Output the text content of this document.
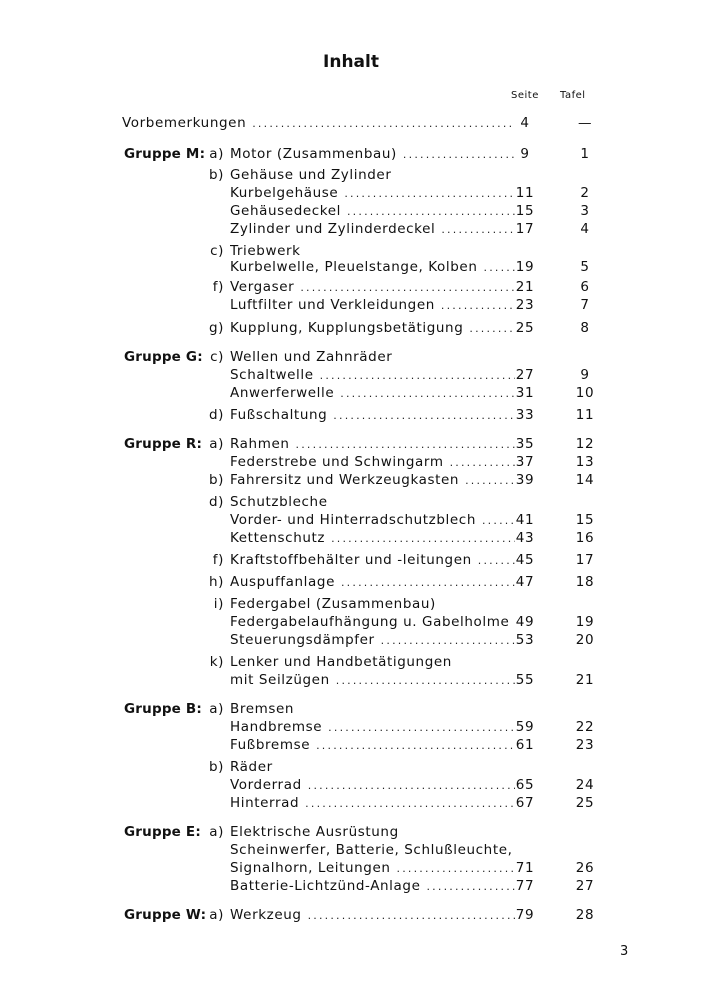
Inhalt
Seite Tafel
Vorbemerkungen .....	4	—
Gruppe M: a) Motor (Zusammenbau) .....	9	1
b) Gehäuse und Zylinder
Kurbelgehäuse .....	11	2
Gehäusedeckel .....	15	3
Zylinder und Zylinderdeckel .....	17	4
c) Triebwerk
Kurbelwelle, Pleuelstange, Kolben .....	19	5
f) Vergaser .....	21	6
Luftfilter und Verkleidungen .....	23	7
g) Kupplung, Kupplungsbetätigung .....	25	8
Gruppe G: c) Wellen und Zahnräder
Schaltwelle .....	27	9
Anwerferwelle .....	31	10
d) Fußschaltung .....	33	11
Gruppe R: a) Rahmen .....	35	12
Federstrebe und Schwingarm .....	37	13
b) Fahrersitz und Werkzeugkasten .....	39	14
d) Schutzbleche
Vorder- und Hinterradschutzblech .....	41	15
Kettenschutz .....	43	16
f) Kraftstoffbehälter und -leitungen .....	45	17
h) Auspuffanlage .....	47	18
i) Federgabel (Zusammenbau)
Federgabelaufhängung u. Gabelholme 49	19
Steuerungsdämpfer .....	53	20
k) Lenker und Handbetätigungen
mit Seilzügen .....	55	21
Gruppe B: a) Bremsen
Handbremse .....	59	22
Fußbremse .....	61	23
b) Räder
Vorderrad .....	65	24
Hinterrad .....	67	25
Gruppe E: a) Elektrische Ausrüstung
Scheinwerfer, Batterie, Schlußleuchte,
Signalhorn, Leitungen .....	71	26
Batterie-Lichtzünd-Anlage .....	77	27
Gruppe W: a) Werkzeug .....	79	28
3
